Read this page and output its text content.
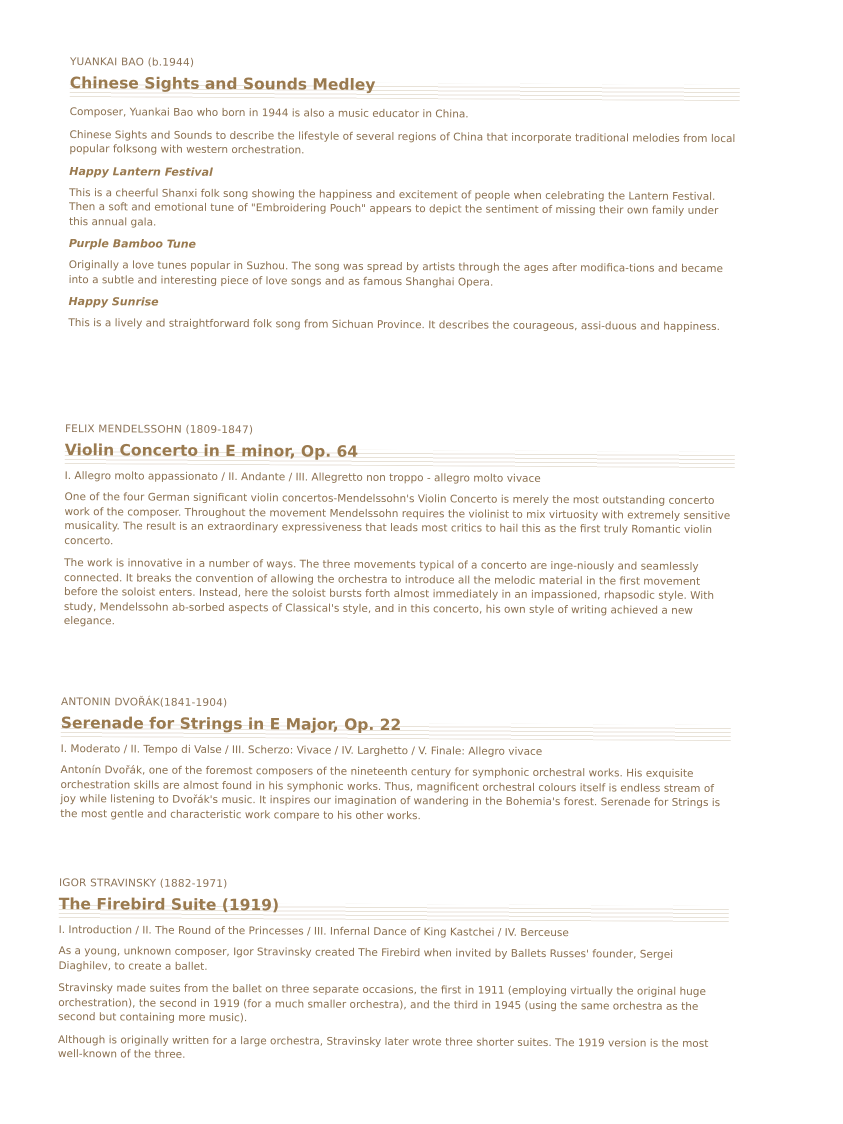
YUANKAI BAO (b.1944)

Chinese Sights and Sounds Medley

Composer, Yuankai Bao who born in 1944 is also a music educator in China.

Chinese Sights and Sounds to describe the lifestyle of several regions of China that incorporate traditional melodies from local popular folksong with western orchestration.

Happy Lantern Festival

This is a cheerful Shanxi folk song showing the happiness and excitement of people when celebrating the Lantern Festival. Then a soft and emotional tune of "Embroidering Pouch" appears to depict the sentiment of missing their own family under this annual gala.

Purple Bamboo Tune

Originally a love tunes popular in Suzhou. The song was spread by artists through the ages after modifica-tions and became into a subtle and interesting piece of love songs and as famous Shanghai Opera.

Happy Sunrise

This is a lively and straightforward folk song from Sichuan Province. It describes the courageous, assi-duous and happiness.

FELIX MENDELSSOHN (1809-1847)

Violin Concerto in E minor, Op. 64

I. Allegro molto appassionato / II. Andante / III. Allegretto non troppo - allegro molto vivace

One of the four German significant violin concertos-Mendelssohn's Violin Concerto is merely the most outstanding concerto work of the composer. Throughout the movement Mendelssohn requires the violinist to mix virtuosity with extremely sensitive musicality. The result is an extraordinary expressiveness that leads most critics to hail this as the first truly Romantic violin concerto.

The work is innovative in a number of ways. The three movements typical of a concerto are inge-niously and seamlessly connected. It breaks the convention of allowing the orchestra to introduce all the melodic material in the first movement before the soloist enters. Instead, here the soloist bursts forth almost immediately in an impassioned, rhapsodic style. With study, Mendelssohn ab-sorbed aspects of Classical's style, and in this concerto, his own style of writing achieved a new elegance.

ANTONIN DVOŘÁK(1841-1904)

Serenade for Strings in E Major, Op. 22

I. Moderato / II. Tempo di Valse / III. Scherzo: Vivace / IV. Larghetto / V. Finale: Allegro vivace

Antonín Dvořák, one of the foremost composers of the nineteenth century for symphonic orchestral works. His exquisite orchestration skills are almost found in his symphonic works. Thus, magnificent orchestral colours itself is endless stream of joy while listening to Dvořák's music. It inspires our imagination of wandering in the Bohemia's forest. Serenade for Strings is the most gentle and characteristic work compare to his other works.

IGOR STRAVINSKY (1882-1971)

The Firebird Suite (1919)

I. Introduction / II. The Round of the Princesses / III. Infernal Dance of King Kastchei / IV. Berceuse

As a young, unknown composer, Igor Stravinsky created The Firebird when invited by Ballets Russes' founder, Sergei Diaghilev, to create a ballet.

Stravinsky made suites from the ballet on three separate occasions, the first in 1911 (employing virtually the original huge orchestration), the second in 1919 (for a much smaller orchestra), and the third in 1945 (using the same orchestra as the second but containing more music).

Although is originally written for a large orchestra, Stravinsky later wrote three shorter suites. The 1919 version is the most well-known of the three.
